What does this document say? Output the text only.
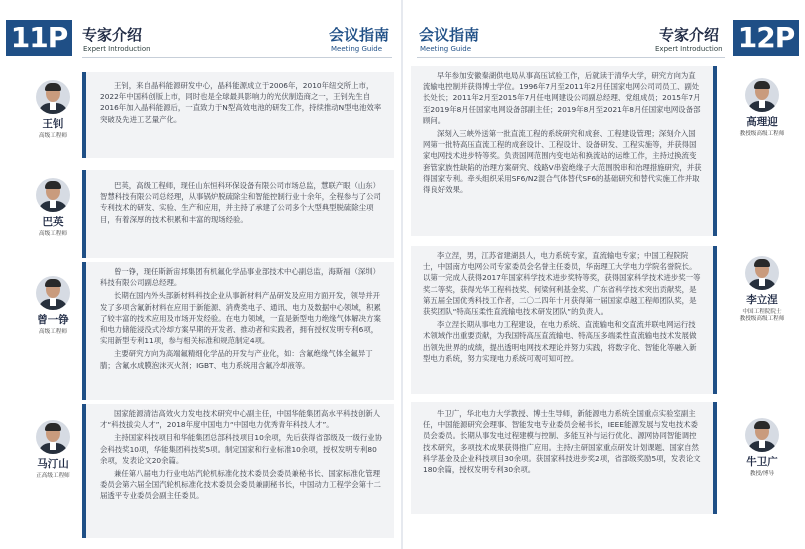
11P 专家介绍
Expert Introduction
会议指南
Meeting Guide
王钊
高级工程师

王钊，来自晶科能源研发中心，晶科能源成立于2006年，2010年纽交所上市，2022年中国科创版上市，同时也是全球最具影响力的光伏制造商之一，王钊先生自2016年加入晶科能源后，一直致力于N型高效电池的研发工作，持续推动N型电池效率突破及先进工艺量产化。

巴英
高级工程师

巴英，高级工程师，现任山东恒科环保设备有限公司市场总监，慧联产眼（山东）智慧科技有限公司总经理，从事锅炉脱硫除尘和智能控制行业十余年，全程参与了公司专利技术的研发、实验、生产和应用，并主持了承建了公司多个大型典型脱硫除尘项目，有着深厚的技术积累和丰富的现场经验。

曾一铮
高级工程师

曾一铮，现任斯新宙邦集团有机氟化学品事业部技术中心副总监，海斯福（深圳）科技有限公司副总经理。

长期在国内外头部新材料科技企业从事新材料产品研发及应用方面开发，领导并开发了多项含氟新材料在应用于新能源、消费类电子、通讯、电力及数据中心领域，积累了较丰富的技术应用及市场开发经验。在电力领域，一直是新型电力绝缘气体解决方案和电力储能浸没式冷却方案早期的开发者、推动者和实践者，拥有授权发明专利6项，实用新型专利11项，参与相关标准和规范制定4项。

主要研究方向为高端氟精细化学品的开发与产业化，如：含氟绝缘气体全氟异丁腈；含氟水成膜泡沫灭火剂；IGBT、电力系统用含氟冷却液等。

马汀山
正高级工程师

国家能源清洁高效火力发电技术研究中心副主任，中国华能集团高水平科技创新人才“科技拔尖人才”，2018年度中国电力“中国电力优秀青年科技人才”。

主持国家科技项目和华能集团总部科技项目10余项，先后获得省部级及一级行业协会科技奖10项，华能集团科技奖5项。制定国家和行业标准10余项，授权发明专利80余项，发表论文20余篇。

兼任第八届电力行业电站汽轮机标准化技术委员会委员兼秘书长、国家标准化管理委员会第六届全国汽轮机标准化技术委员会委员兼副秘书长，中国动力工程学会第十二届透平专业委员会副主任委员。

会议指南
Meeting Guide
专家介绍
Expert Introduction 12P

早年参加安徽秦湖供电局从事高压试验工作，后就读于清华大学，研究方向为直流输电控制并获得博士学位。1996年7月至2011年2月任国家电网公司司员工、副处长处长；2011年2月至2015年7月任电网建设公司副总经理、党组成员；2015年7月至2019年8月任国家电网设备部副主任；2019年8月至2021年8月任国家电网设备部顾问。

深刻入三峡外送第一批直流工程的系统研究和成套、工程建设管理；深刻介入国网第一批特高压直流工程的成套设计、工程设计、设备研发、工程实施等，并获得国家电网技术进步特等奖。负责国网范围内变电站和换流站的运维工作，主持过换流变套管家族性缺陷的治理方案研究、线路V串瓷绝缘子大范围脱串和治理措施研究，并获得国家专利。牵头组织采用SF6/N2混合气体替代SF6的基础研究和替代实施工作并取得良好效果。

高理迎
教授级高级工程师

李立涅，男，江苏省建湖县人，电力系统专家，直流输电专家；中国工程院院士，中国南方电网公司专家委员会名誉主任委员，华南理工大学电力学院名誉院长。以第一完成人获得2017年国家科学技术进步奖特等奖，获得国家科学技术进步奖一等奖二等奖，获得光华工程科技奖、何梁何利基金奖、广东省科学技术突出贡献奖，是第五届全国优秀科技工作者，二〇二四年十月获得第一届国家卓越工程师团队奖，是获奖团队“特高压柔性直流输电技术研发团队”的负责人。

李立涅长期从事电力工程建设，在电力系统、直流输电和交直流并联电网运行技术领域作出重要贡献，为我国特高压直流输电、特高压多端柔性直流输电技术发展做出领先世界的成绩，提出透明电网技术理论并努力实践，将数字化、智能化等融入新型电力系统，努力实现电力系统可观可知可控。

李立涅
中国工程院院士
教授级高级工程师

牛卫广，华北电力大学教授、博士生导师，新能源电力系统全国重点实验室副主任，中国能源研究会理事、智能发电专业委员会秘书长，IEEE能源发展与发电技术委员会委员。长期从事发电过程建模与控制、多能互补与运行优化、源网协同智能调控技术研究，多项技术成果获得推广应用。主持/主研国家重点研发计划课题、国家自然科学基金及企业科技项目30余项。获国家科技进步奖2项，省部级奖励5项，发表论文180余篇，授权发明专利30余项。

牛卫广
教授/博导
